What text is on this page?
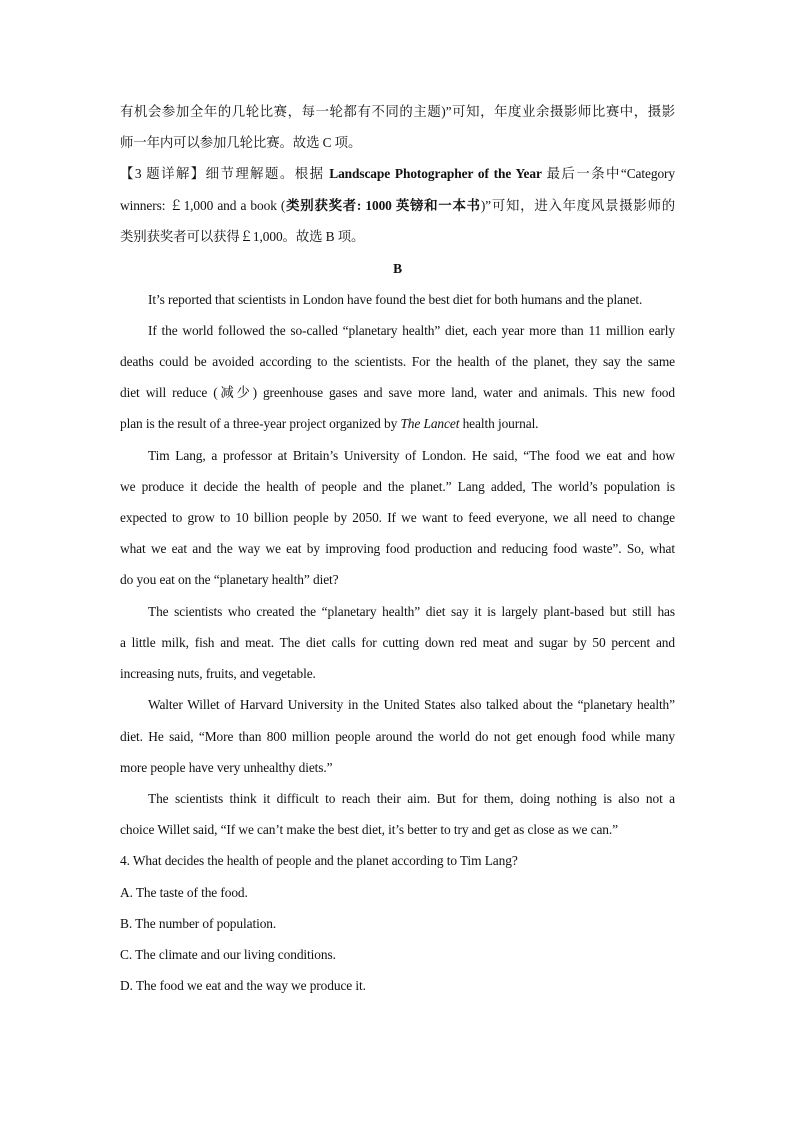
有机会参加全年的几轮比赛，每一轮都有不同的主题)”可知，年度业余摄影师比赛中，摄影
师一年内可以参加几轮比赛。故选 C 项。
【3 题详解】细节理解题。根据 Landscape Photographer of the Year 最后一条中“Category
winners: ￡1,000 and a book (类别获奖者: 1000 英镑和一本书)”可知，进入年度风景摄影师的
类别获奖者可以获得￡1,000。故选 B 项。
B
It’s reported that scientists in London have found the best diet for both humans and the planet.
If the world followed the so-called “planetary health” diet, each year more than 11 million early
deaths could be avoided according to the scientists. For the health of the planet, they say the same
diet will reduce (减少) greenhouse gases and save more land, water and animals. This new food
plan is the result of a three-year project organized by The Lancet health journal.
Tim Lang, a professor at Britain’s University of London. He said, “The food we eat and how
we produce it decide the health of people and the planet.” Lang added, The world’s population is
expected to grow to 10 billion people by 2050. If we want to feed everyone, we all need to change
what we eat and the way we eat by improving food production and reducing food waste”. So, what
do you eat on the “planetary health” diet?
The scientists who created the “planetary health” diet say it is largely plant-based but still has
a little milk, fish and meat. The diet calls for cutting down red meat and sugar by 50 percent and
increasing nuts, fruits, and vegetable.
Walter Willet of Harvard University in the United States also talked about the “planetary health”
diet. He said, “More than 800 million people around the world do not get enough food while many
more people have very unhealthy diets.”
The scientists think it difficult to reach their aim. But for them, doing nothing is also not a
choice Willet said, “If we can’t make the best diet, it’s better to try and get as close as we can.”
4. What decides the health of people and the planet according to Tim Lang?
A. The taste of the food.
B. The number of population.
C. The climate and our living conditions.
D. The food we eat and the way we produce it.
